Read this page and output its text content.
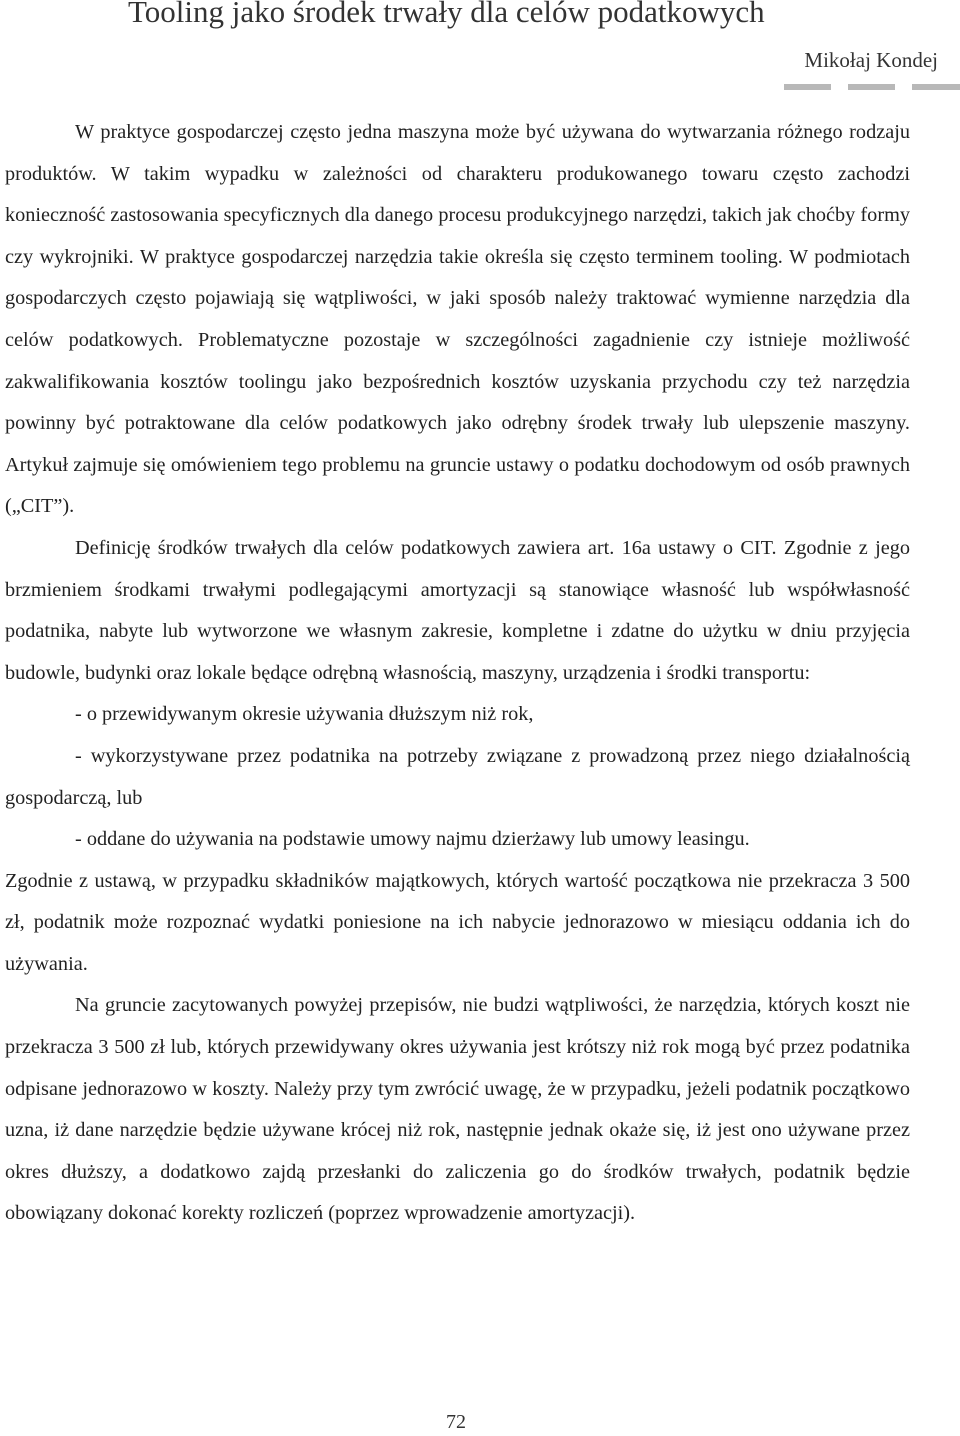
Tooling jako środek trwały dla celów podatkowych
Mikołaj Kondej

W praktyce gospodarczej często jedna maszyna może być używana do wytwarzania różnego rodzaju produktów. W takim wypadku w zależności od charakteru produkowanego towaru często zachodzi konieczność zastosowania specyficznych dla danego procesu produkcyjnego narzędzi, takich jak choćby formy czy wykrojniki. W praktyce gospodarczej narzędzia takie określa się często terminem tooling. W podmiotach gospodarczych często pojawiają się wątpliwości, w jaki sposób należy traktować wymienne narzędzia dla celów podatkowych. Problematyczne pozostaje w szczególności zagadnienie czy istnieje możliwość zakwalifikowania kosztów toolingu jako bezpośrednich kosztów uzyskania przychodu czy też narzędzia powinny być potraktowane dla celów podatkowych jako odrębny środek trwały lub ulepszenie maszyny. Artykuł zajmuje się omówieniem tego problemu na gruncie ustawy o podatku dochodowym od osób prawnych („CIT”).

Definicję środków trwałych dla celów podatkowych zawiera art. 16a ustawy o CIT. Zgodnie z jego brzmieniem środkami trwałymi podlegającymi amortyzacji są stanowiące własność lub współwłasność podatnika, nabyte lub wytworzone we własnym zakresie, kompletne i zdatne do użytku w dniu przyjęcia budowle, budynki oraz lokale będące odrębną własnością, maszyny, urządzenia i środki transportu:

- o przewidywanym okresie używania dłuższym niż rok,

- wykorzystywane przez podatnika na potrzeby związane z prowadzoną przez niego działalnością gospodarczą, lub

- oddane do używania na podstawie umowy najmu dzierżawy lub umowy leasingu.

Zgodnie z ustawą, w przypadku składników majątkowych, których wartość początkowa nie przekracza 3 500 zł, podatnik może rozpoznać wydatki poniesione na ich nabycie jednorazowo w miesiącu oddania ich do używania.

Na gruncie zacytowanych powyżej przepisów, nie budzi wątpliwości, że narzędzia, których koszt nie przekracza 3 500 zł lub, których przewidywany okres używania jest krótszy niż rok mogą być przez podatnika odpisane jednorazowo w koszty. Należy przy tym zwrócić uwagę, że w przypadku, jeżeli podatnik początkowo uzna, iż dane narzędzie będzie używane krócej niż rok, następnie jednak okaże się, iż jest ono używane przez okres dłuższy, a dodatkowo zajdą przesłanki do zaliczenia go do środków trwałych, podatnik będzie obowiązany dokonać korekty rozliczeń (poprzez wprowadzenie amortyzacji).

72
